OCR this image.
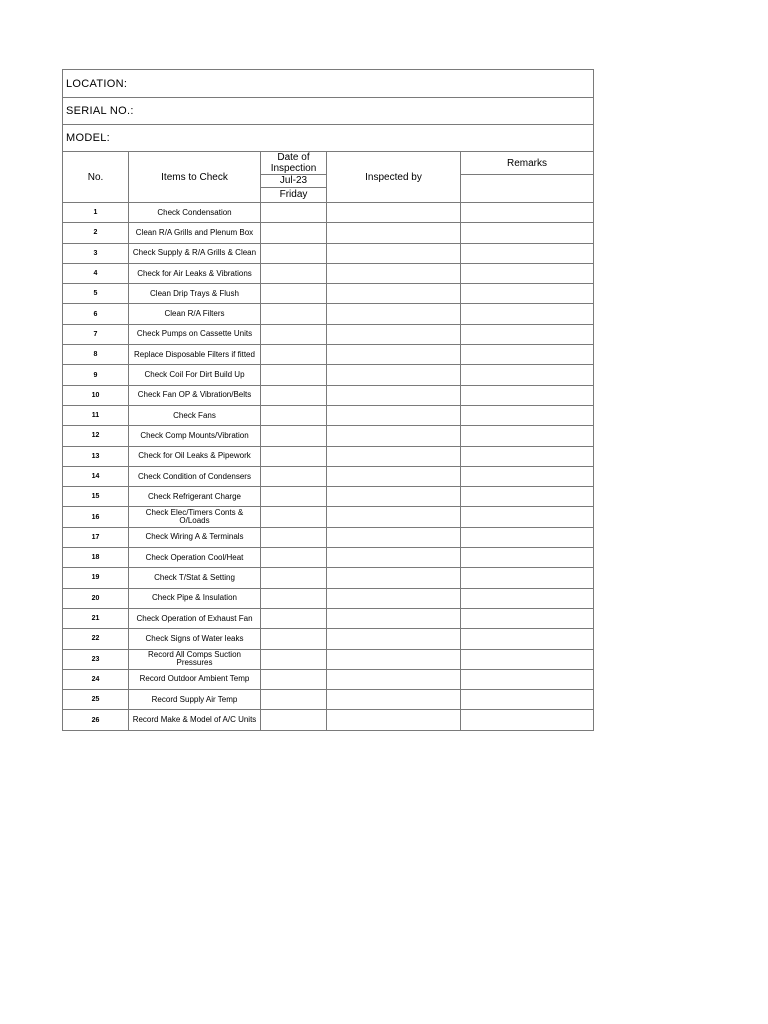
LOCATION:				
SERIAL NO.:				
MODEL:				
No.	Items to Check	Date of Inspection	Inspected by	Remarks
		Jul-23		
		Friday		
1	Check Condensation			
2	Clean R/A Grills and Plenum Box			
3	Check Supply & R/A Grills & Clean			
4	Check for Air Leaks & Vibrations			
5	Clean Drip Trays & Flush			
6	Clean R/A Filters			
7	Check Pumps on Cassette Units			
8	Replace Disposable Filters if fitted			
9	Check Coil For Dirt Build Up			
10	Check Fan OP & Vibration/Belts			
11	Check Fans			
12	Check Comp Mounts/Vibration			
13	Check for Oil Leaks & Pipework			
14	Check Condition of Condensers			
15	Check Refrigerant Charge			
16	Check Elec/Timers Conts & O/Loads			
17	Check Wiring A & Terminals			
18	Check Operation Cool/Heat			
19	Check T/Stat & Setting			
20	Check Pipe & Insulation			
21	Check Operation of Exhaust Fan			
22	Check Signs of Water leaks			
23	Record All Comps Suction Pressures			
24	Record Outdoor Ambient Temp			
25	Record Supply Air Temp			
26	Record Make & Model of A/C Units			
